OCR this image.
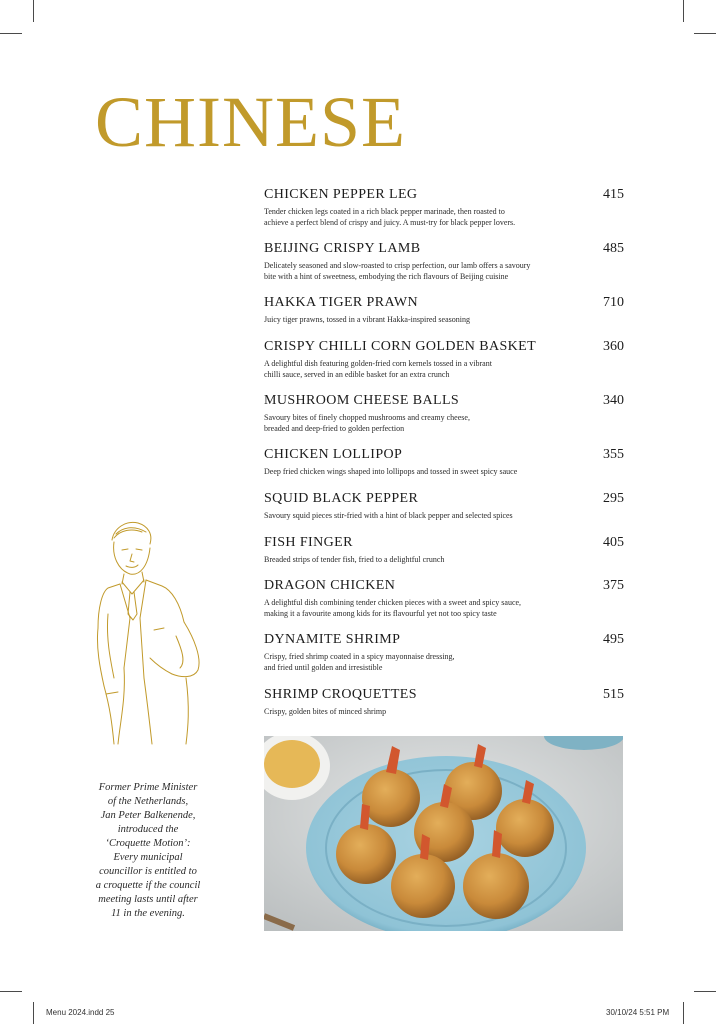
CHINESE
CHICKEN PEPPER LEG	415
Tender chicken legs coated in a rich black pepper marinade, then roasted to
achieve a perfect blend of crispy and juicy. A must-try for black pepper lovers.
BEIJING CRISPY LAMB	485
Delicately seasoned and slow-roasted to crisp perfection, our lamb offers a savoury
bite with a hint of sweetness, embodying the rich flavours of Beijing cuisine
HAKKA TIGER PRAWN	710
Juicy tiger prawns, tossed in a vibrant Hakka-inspired seasoning
CRISPY CHILLI CORN GOLDEN BASKET	360
A delightful dish featuring golden-fried corn kernels tossed in a vibrant
chilli sauce, served in an edible basket for an extra crunch
MUSHROOM CHEESE BALLS	340
Savoury bites of finely chopped mushrooms and creamy cheese,
breaded and deep-fried to golden perfection
CHICKEN LOLLIPOP	355
Deep fried chicken wings shaped into lollipops and tossed in sweet spicy sauce
SQUID BLACK PEPPER	295
Savoury squid pieces stir-fried with a hint of black pepper and selected spices
FISH FINGER	405
Breaded strips of tender fish, fried to a delightful crunch
DRAGON CHICKEN	375
A delightful dish combining tender chicken pieces with a sweet and spicy sauce,
making it a favourite among kids for its flavourful yet not too spicy taste
DYNAMITE SHRIMP	495
Crispy, fried shrimp coated in a spicy mayonnaise dressing,
and fried until golden and irresistible
SHRIMP CROQUETTES	515
Crispy, golden bites of minced shrimp
Former Prime Minister
of the Netherlands,
Jan Peter Balkenende,
introduced the
‘Croquette Motion’:
Every municipal
councillor is entitled to
a croquette if the council
meeting lasts until after
11 in the evening.
Menu 2024.indd 25	30/10/24 5:51 PM
